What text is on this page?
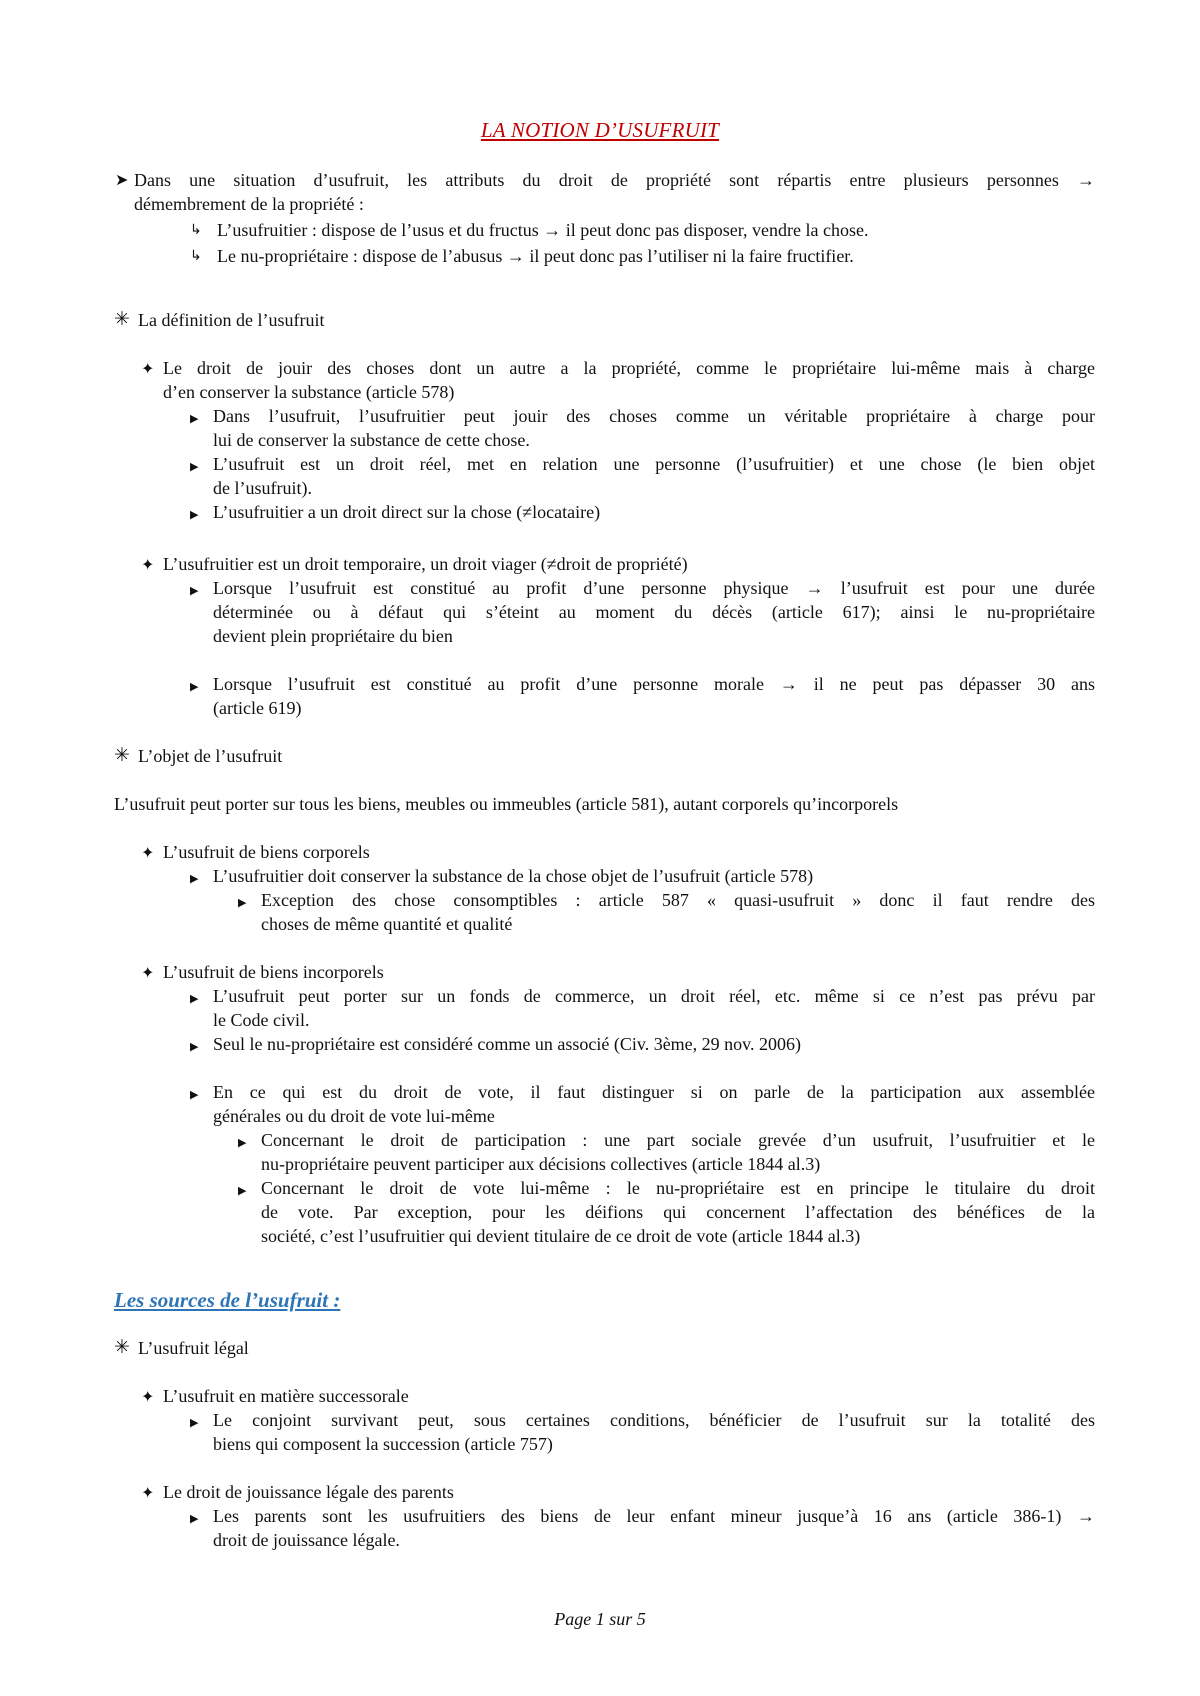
LA NOTION D’USUFRUIT
➤ Dans une situation d’usufruit, les attributs du droit de propriété sont répartis entre plusieurs personnes →
démembrement de la propriété :
↳ L’usufruitier : dispose de l’usus et du fructus → il peut donc pas disposer, vendre la chose.
↳ Le nu-propriétaire : dispose de l’abusus → il peut donc pas l’utiliser ni la faire fructifier.
✳ La définition de l’usufruit
✦ Le droit de jouir des choses dont un autre a la propriété, comme le propriétaire lui-même mais à charge
d’en conserver la substance (article 578)
▶ Dans l’usufruit, l’usufruitier peut jouir des choses comme un véritable propriétaire à charge pour
lui de conserver la substance de cette chose.
▶ L’usufruit est un droit réel, met en relation une personne (l’usufruitier) et une chose (le bien objet
de l’usufruit).
▶ L’usufruitier a un droit direct sur la chose (≠locataire)
✦ L’usufruitier est un droit temporaire, un droit viager (≠droit de propriété)
▶ Lorsque l’usufruit est constitué au profit d’une personne physique → l’usufruit est pour une durée
déterminée ou à défaut qui s’éteint au moment du décès (article 617); ainsi le nu-propriétaire
devient plein propriétaire du bien
▶ Lorsque l’usufruit est constitué au profit d’une personne morale → il ne peut pas dépasser 30 ans
(article 619)
✳ L’objet de l’usufruit
L’usufruit peut porter sur tous les biens, meubles ou immeubles (article 581), autant corporels qu’incorporels
✦ L’usufruit de biens corporels
▶ L’usufruitier doit conserver la substance de la chose objet de l’usufruit (article 578)
▶ Exception des chose consomptibles : article 587 « quasi-usufruit » donc il faut rendre des
choses de même quantité et qualité
✦ L’usufruit de biens incorporels
▶ L’usufruit peut porter sur un fonds de commerce, un droit réel, etc. même si ce n’est pas prévu par
le Code civil.
▶ Seul le nu-propriétaire est considéré comme un associé (Civ. 3ème, 29 nov. 2006)
▶ En ce qui est du droit de vote, il faut distinguer si on parle de la participation aux assemblée
générales ou du droit de vote lui-même
▶ Concernant le droit de participation : une part sociale grevée d’un usufruit, l’usufruitier et le
nu-propriétaire peuvent participer aux décisions collectives (article 1844 al.3)
▶ Concernant le droit de vote lui-même : le nu-propriétaire est en principe le titulaire du droit
de vote. Par exception, pour les déifions qui concernent l’affectation des bénéfices de la
société, c’est l’usufruitier qui devient titulaire de ce droit de vote (article 1844 al.3)
Les sources de l’usufruit :
✳ L’usufruit légal
✦ L’usufruit en matière successorale
▶ Le conjoint survivant peut, sous certaines conditions, bénéficier de l’usufruit sur la totalité des
biens qui composent la succession (article 757)
✦ Le droit de jouissance légale des parents
▶ Les parents sont les usufruitiers des biens de leur enfant mineur jusque’à 16 ans (article 386-1) →
droit de jouissance légale.
Page 1 sur 5
